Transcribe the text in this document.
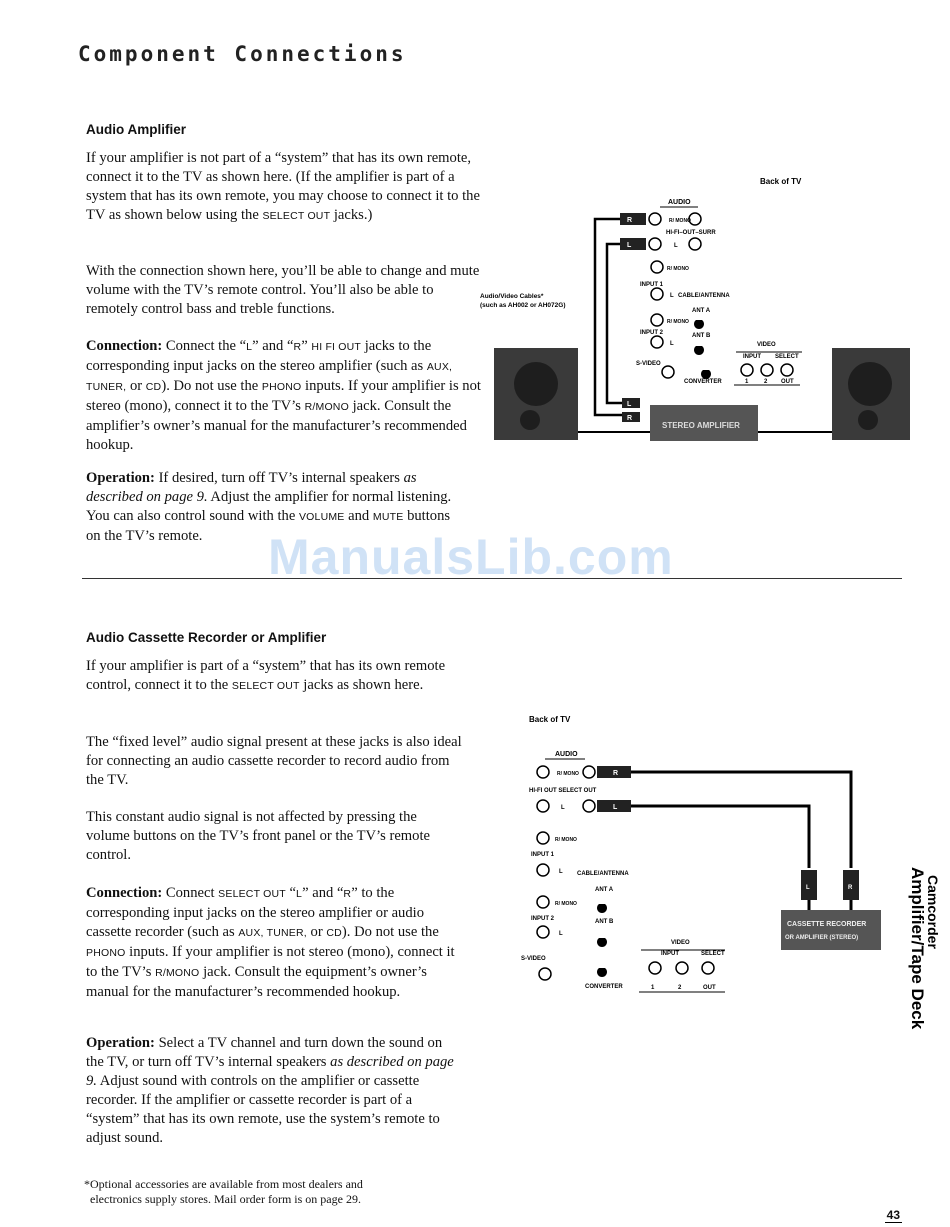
Component Connections
Audio Amplifier
If your amplifier is not part of a “system” that has its own remote, connect it to the TV as shown here. (If the amplifier is part of a system that has its own remote, you may choose to connect it to the TV as shown below using the SELECT OUT jacks.)
With the connection shown here, you’ll be able to change and mute volume with the TV’s remote control. You’ll also be able to remotely control bass and treble functions.
Connection: Connect the “L” and “R” HI FI OUT jacks to the corresponding input jacks on the stereo amplifier (such as AUX, TUNER, or CD). Do not use the PHONO inputs. If your amplifier is not stereo (mono), connect it to the TV’s R/MONO jack. Consult the amplifier’s owner’s manual for the manufacturer’s recommended hookup.
Operation: If desired, turn off TV’s internal speakers as described on page 9. Adjust the amplifier for normal listening. You can also control sound with the VOLUME and MUTE buttons on the TV’s remote.
Back of TV
AUDIO
R	R/ MONO
HI-FI–OUT–SURR
L	L
R/ MONO
INPUT 1
L CABLE/ANTENNA
ANT A
R/ MONO
INPUT 2	ANT B
L
S-VIDEO
CONVERTER
VIDEO
INPUT SELECT
1	2 OUT
Audio/Video Cables*
(such as AH002 or AH072G)
L
R
STEREO AMPLIFIER
ManualsLib.com
Audio Cassette Recorder or Amplifier
If your amplifier is part of a “system” that has its own remote control, connect it to the SELECT OUT jacks as shown here.
The “fixed level” audio signal present at these jacks is also ideal for connecting an audio cassette recorder to record audio from the TV.
This constant audio signal is not affected by pressing the volume buttons on the TV’s front panel or the TV’s remote control.
Connection: Connect SELECT OUT “L” and “R” to the corresponding input jacks on the stereo amplifier or audio cassette recorder (such as AUX, TUNER, or CD). Do not use the PHONO inputs. If your amplifier is not stereo (mono), connect it to the TV’s R/MONO jack. Consult the equipment’s owner’s manual for the manufacturer’s recommended hookup.
Operation: Select a TV channel and turn down the sound on the TV, or turn off TV’s internal speakers as described on page 9. Adjust sound with controls on the amplifier or cassette recorder. If the amplifier or cassette recorder is part of a “system” that has its own remote, use the system’s remote to adjust sound.
Back of TV
AUDIO
R/ MONO	R
HI-FI OUT SELECT OUT
L	L
R/ MONO
INPUT 1
L CABLE/ANTENNA
ANT A
R/ MONO
INPUT 2	ANT B
L
S-VIDEO
CONVERTER
VIDEO
INPUT	SELECT
1	2	OUT
L	R
CASSETTE RECORDER
OR AMPLIFIER (STEREO)	Amplifier/Tape Deck
Camcorder
*Optional accessories are available from most dealers and
electronics supply stores. Mail order form is on page 29.
43
